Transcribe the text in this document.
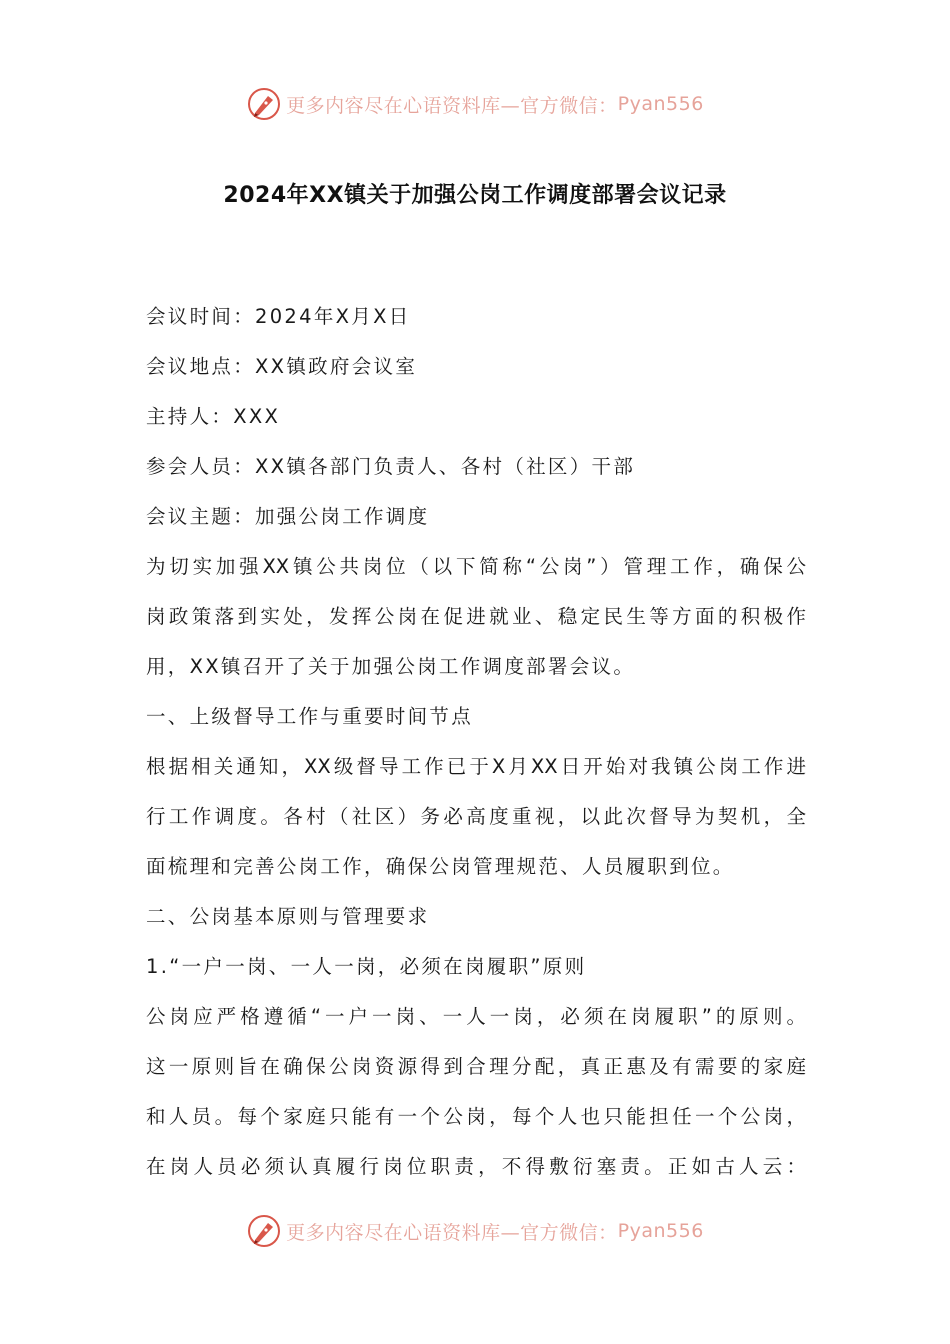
更多内容尽在心语资料库—官方微信： Pyan556
2024年XX镇关于加强公岗工作调度部署会议记录
会议时间：2024年X月X日
会议地点：XX镇政府会议室
主持人：XXX
参会人员：XX镇各部门负责人、各村（社区）干部
会议主题：加强公岗工作调度
为切实加强XX镇公共岗位（以下简称“公岗”）管理工作，确保公
岗政策落到实处，发挥公岗在促进就业、稳定民生等方面的积极作
用，XX镇召开了关于加强公岗工作调度部署会议。
一、上级督导工作与重要时间节点
根据相关通知，XX级督导工作已于X月XX日开始对我镇公岗工作进
行工作调度。各村（社区）务必高度重视，以此次督导为契机，全
面梳理和完善公岗工作，确保公岗管理规范、人员履职到位。
二、公岗基本原则与管理要求
1.“一户一岗、一人一岗，必须在岗履职”原则
公岗应严格遵循“一户一岗、一人一岗，必须在岗履职”的原则。
这一原则旨在确保公岗资源得到合理分配，真正惠及有需要的家庭
和人员。每个家庭只能有一个公岗，每个人也只能担任一个公岗，
在岗人员必须认真履行岗位职责，不得敷衍塞责。正如古人云：
更多内容尽在心语资料库—官方微信： Pyan556
